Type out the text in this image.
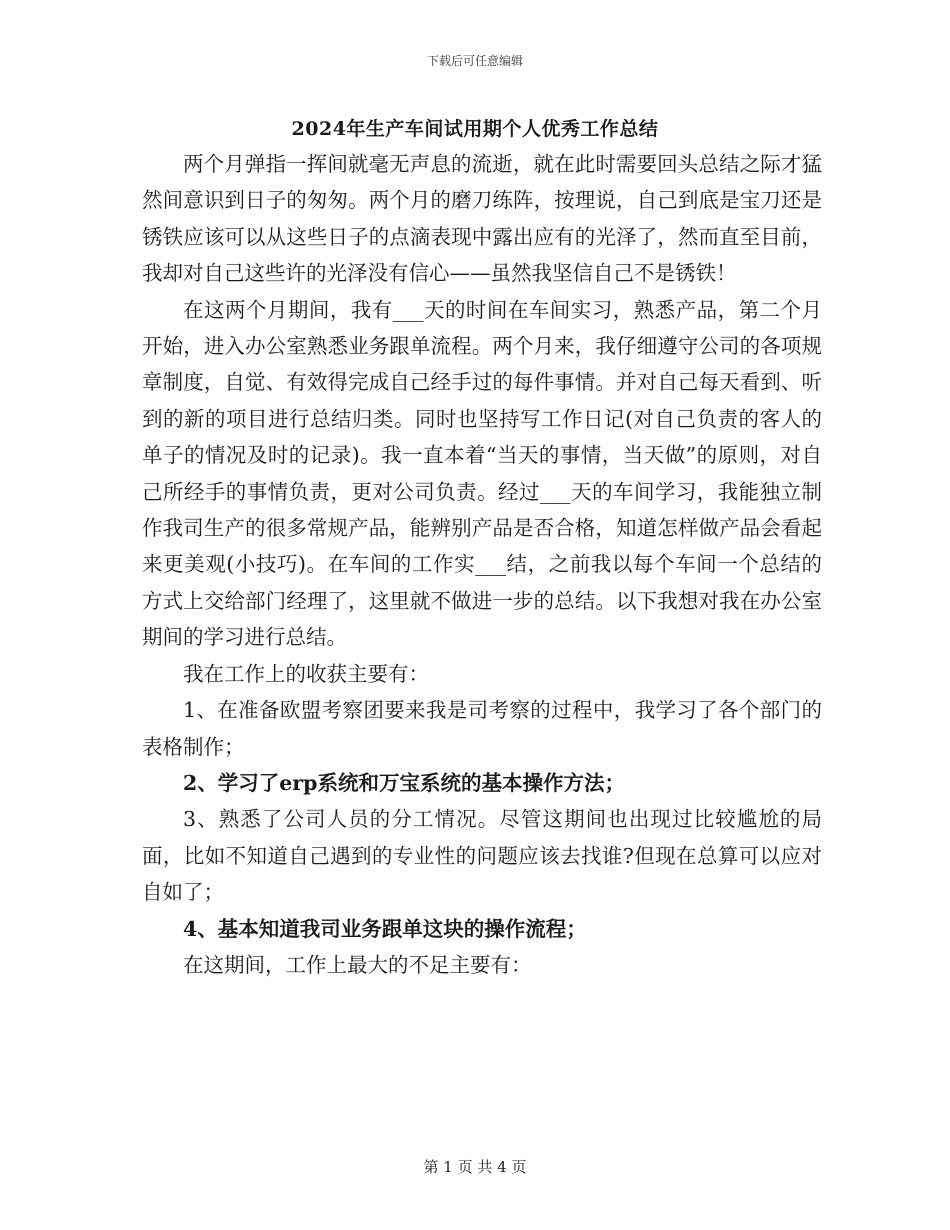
下载后可任意编辑
2024年生产车间试用期个人优秀工作总结

两个月弹指一挥间就毫无声息的流逝，就在此时需要回头总结之际才猛然间意识到日子的匆匆。两个月的磨刀练阵，按理说，自己到底是宝刀还是锈铁应该可以从这些日子的点滴表现中露出应有的光泽了，然而直至目前，我却对自己这些许的光泽没有信心——虽然我坚信自己不是锈铁！

在这两个月期间，我有___天的时间在车间实习，熟悉产品，第二个月开始，进入办公室熟悉业务跟单流程。两个月来，我仔细遵守公司的各项规章制度，自觉、有效得完成自己经手过的每件事情。并对自己每天看到、听到的新的项目进行总结归类。同时也坚持写工作日记(对自己负责的客人的单子的情况及时的记录)。我一直本着“当天的事情，当天做”的原则，对自己所经手的事情负责，更对公司负责。经过___天的车间学习，我能独立制作我司生产的很多常规产品，能辨别产品是否合格，知道怎样做产品会看起来更美观(小技巧)。在车间的工作实___结，之前我以每个车间一个总结的方式上交给部门经理了，这里就不做进一步的总结。以下我想对我在办公室期间的学习进行总结。

我在工作上的收获主要有：

1、在准备欧盟考察团要来我是司考察的过程中，我学习了各个部门的表格制作；

2、学习了erp系统和万宝系统的基本操作方法；

3、熟悉了公司人员的分工情况。尽管这期间也出现过比较尴尬的局面，比如不知道自己遇到的专业性的问题应该去找谁?但现在总算可以应对自如了；

4、基本知道我司业务跟单这块的操作流程；

在这期间，工作上最大的不足主要有：

第 1 页 共 4 页
